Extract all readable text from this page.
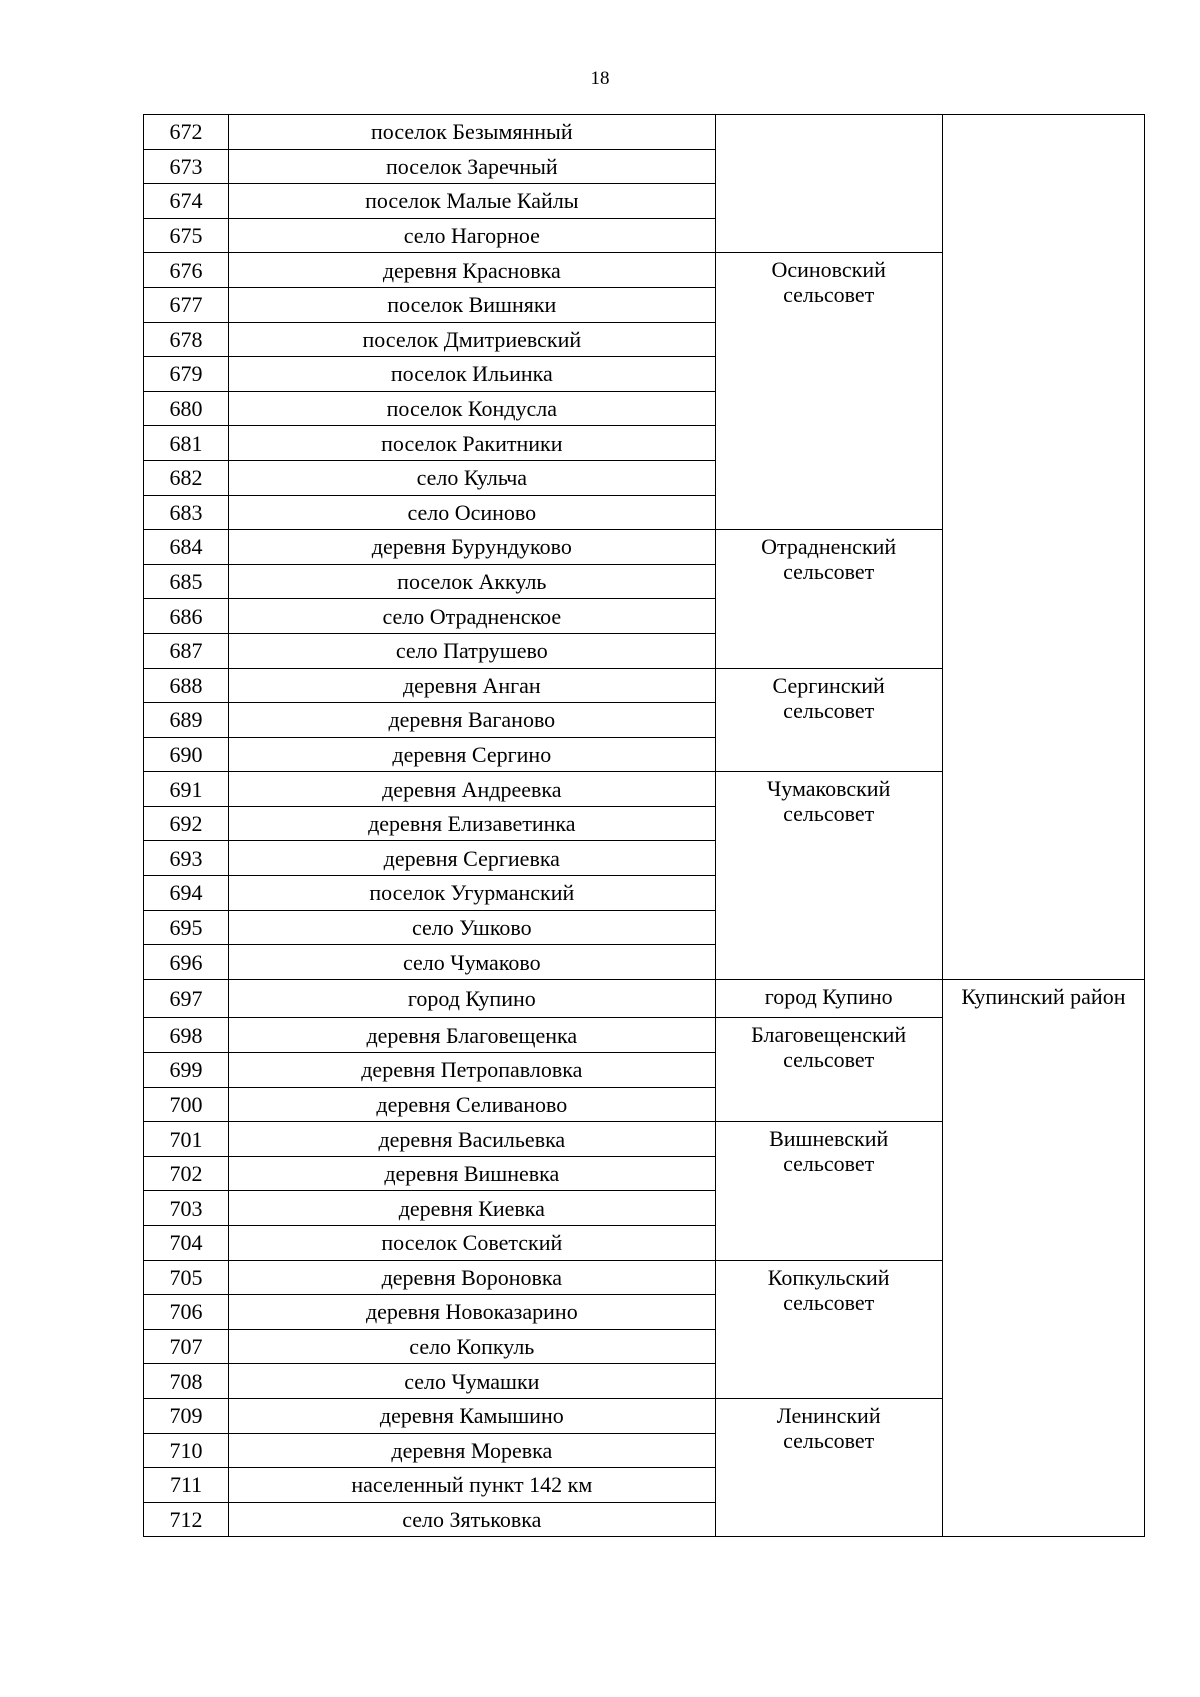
18
672	поселок Безымянный		
673	поселок Заречный		
674	поселок Малые Кайлы		
675	село Нагорное		
676	деревня Красновка	Осиновский
сельсовет	
677	поселок Вишняки		
678	поселок Дмитриевский		
679	поселок Ильинка		
680	поселок Кондусла		
681	поселок Ракитники		
682	село Кульча		
683	село Осиново		
684	деревня Бурундуково	Отрадненский
сельсовет	
685	поселок Аккуль		
686	село Отрадненское		
687	село Патрушево		
688	деревня Анган	Сергинский
сельсовет	
689	деревня Ваганово		
690	деревня Сергино		
691	деревня Андреевка	Чумаковский
сельсовет	
692	деревня Елизаветинка		
693	деревня Сергиевка		
694	поселок Угурманский		
695	село Ушково		
696	село Чумаково		
697	город Купино	город Купино	Купинский район
698	деревня Благовещенка	Благовещенский
сельсовет	
699	деревня Петропавловка		
700	деревня Селиваново		
701	деревня Васильевка	Вишневский
сельсовет	
702	деревня Вишневка		
703	деревня Киевка		
704	поселок Советский		
705	деревня Вороновка	Копкульский
сельсовет	
706	деревня Новоказарино		
707	село Копкуль		
708	село Чумашки		
709	деревня Камышино	Ленинский
сельсовет	
710	деревня Моревка		
711	населенный пункт 142 км		
712	село Зятьковка		
